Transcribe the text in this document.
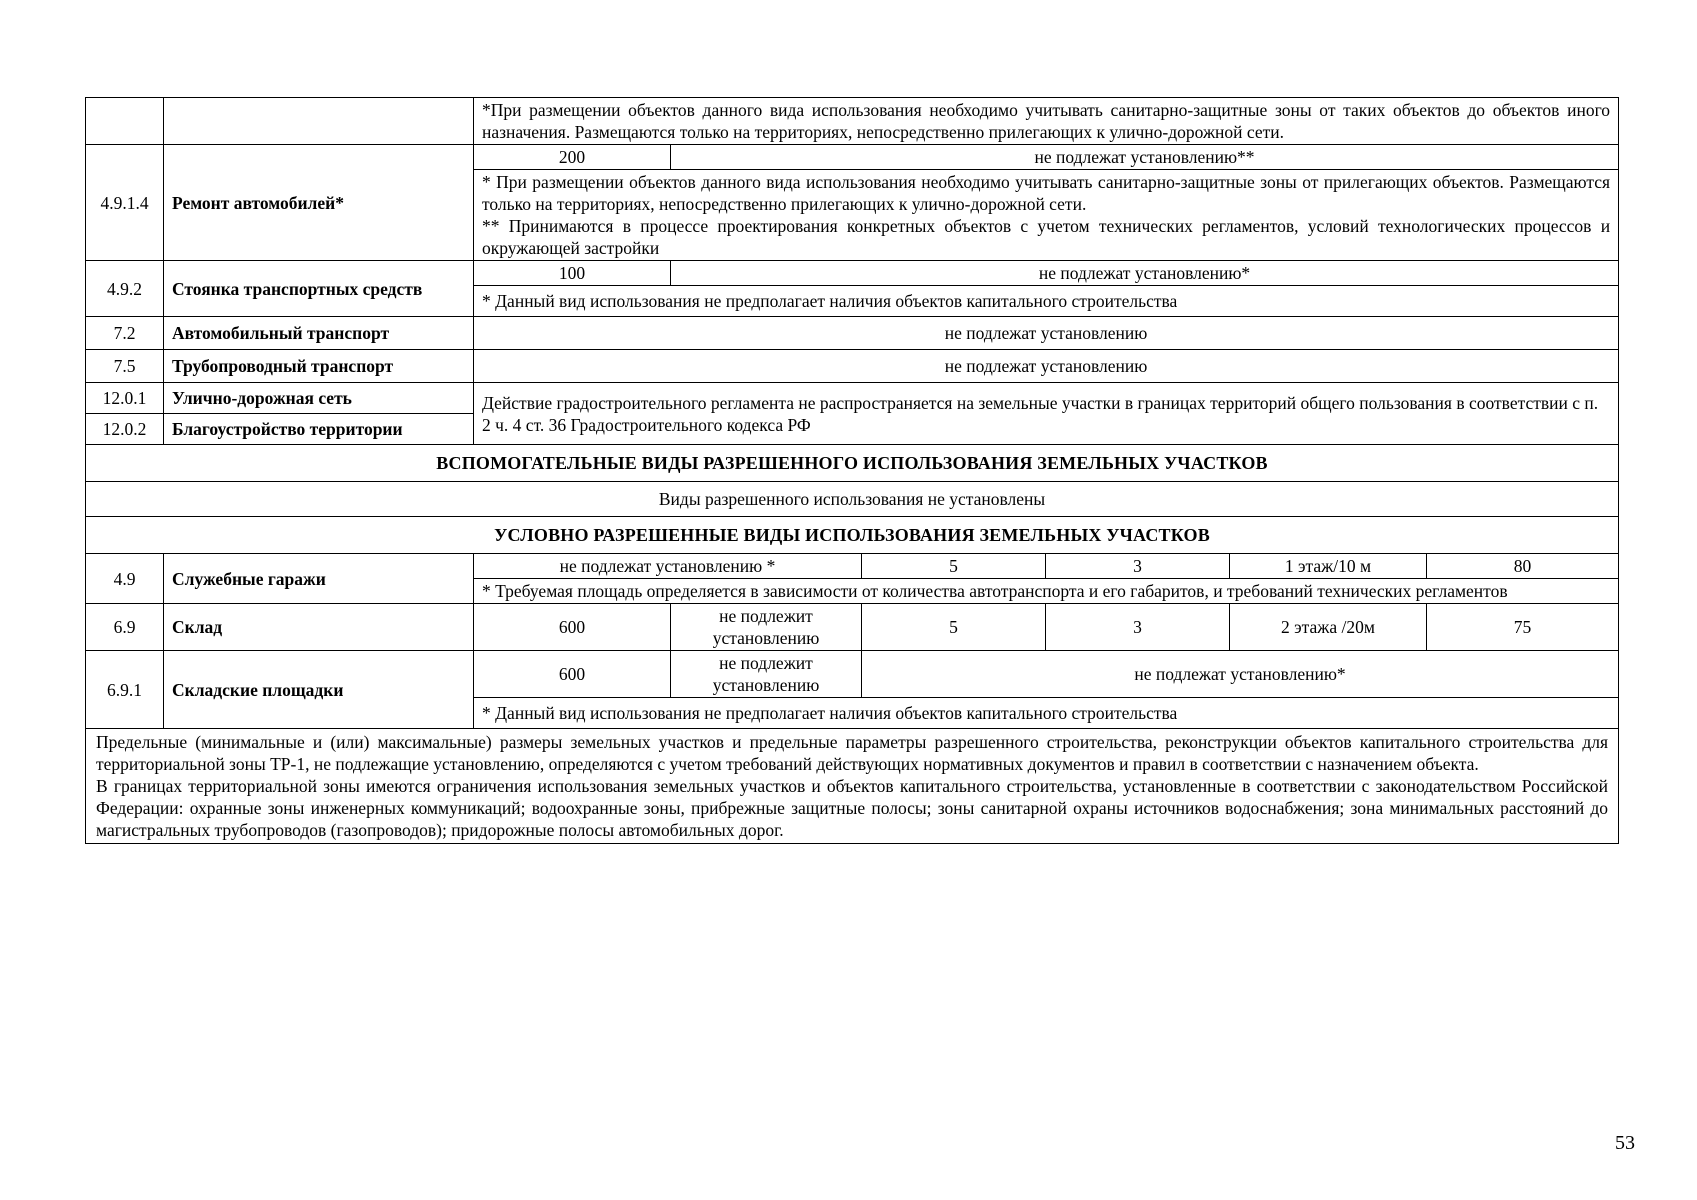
		*При размещении объектов данного вида использования необходимо учитывать санитарно-защитные зоны от таких объектов до объектов иного назначения. Размещаются только на территориях, непосредственно прилегающих к улично-дорожной сети.					
4.9.1.4	Ремонт автомобилей*	200	не подлежат установлению**				

		* При размещении объектов данного вида использования необходимо учитывать санитарно-защитные зоны от прилегающих объектов. Размещаются только на территориях, непосредственно прилегающих к улично-дорожной сети.
** Принимаются в процессе проектирования конкретных объектов с учетом технических регламентов, условий технологических процессов и окружающей застройки					

4.9.2	Стоянка транспортных средств	100	не подлежат установлению*				
		* Данный вид использования не предполагает наличия объектов капитального строительства					
7.2	Автомобильный транспорт	не подлежат установлению					
7.5	Трубопроводный транспорт	не подлежат установлению					
12.0.1	Улично-дорожная сеть	Действие градостроительного регламента не распространяется на земельные участки в границах территорий общего пользования в соответствии с п. 2 ч. 4 ст. 36 Градостроительного кодекса РФ					
12.0.2	Благоустройство территории						
ВСПОМОГАТЕЛЬНЫЕ ВИДЫ РАЗРЕШЕННОГО ИСПОЛЬЗОВАНИЯ ЗЕМЕЛЬНЫХ УЧАСТКОВ							
Виды разрешенного использования не установлены							
УСЛОВНО РАЗРЕШЕННЫЕ ВИДЫ ИСПОЛЬЗОВАНИЯ ЗЕМЕЛЬНЫХ УЧАСТКОВ							
4.9	Служебные гаражи	не подлежат установлению *		5	3	1 этаж/10 м	80
		* Требуемая площадь определяется в зависимости от количества автотранспорта и его габаритов, и требований технических регламентов					
6.9	Склад	600	не подлежит установлению	5	3	2 этажа /20м	75
6.9.1	Складские площадки	600	не подлежит установлению	не подлежат установлению*			
		* Данный вид использования не предполагает наличия объектов капитального строительства					

Предельные (минимальные и (или) максимальные) размеры земельных участков и предельные параметры разрешенного строительства, реконструкции объектов капитального строительства для территориальной зоны ТР-1, не подлежащие установлению, определяются с учетом требований действующих нормативных документов и правил в соответствии с назначением объекта.

В границах территориальной зоны имеются ограничения использования земельных участков и объектов капитального строительства, установленные в соответствии с законодательством Российской Федерации: охранные зоны инженерных коммуникаций; водоохранные зоны, прибрежные защитные полосы; зоны санитарной охраны источников водоснабжения; зона минимальных расстояний до магистральных трубопроводов (газопроводов); придорожные полосы автомобильных дорог.							

53
